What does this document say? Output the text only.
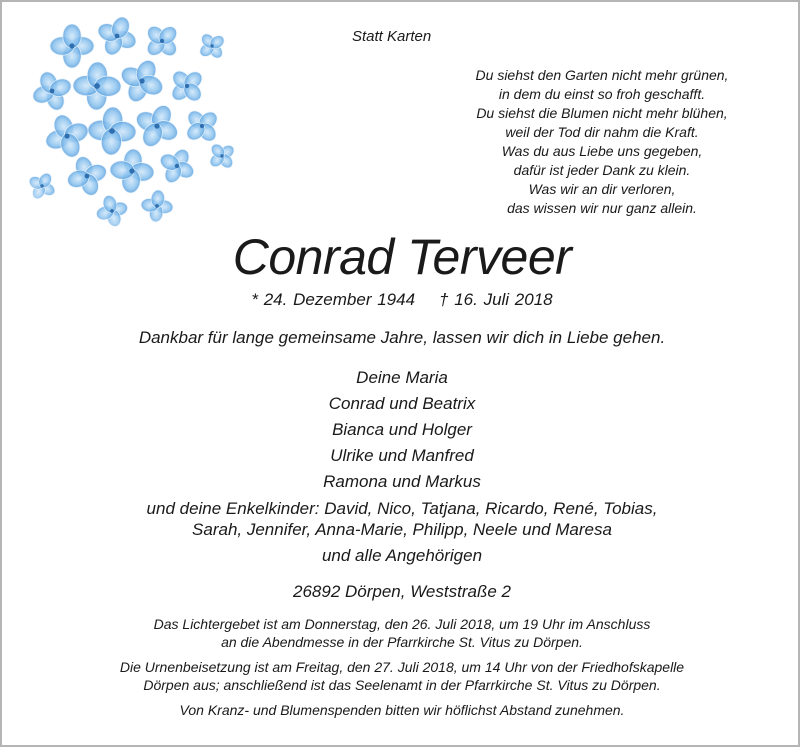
Statt Karten
Du siehst den Garten nicht mehr grünen,
in dem du einst so froh geschafft.
Du siehst die Blumen nicht mehr blühen,
weil der Tod dir nahm die Kraft.
Was du aus Liebe uns gegeben,
dafür ist jeder Dank zu klein.
Was wir an dir verloren,
das wissen wir nur ganz allein.
Conrad Terveer
* 24. Dezember 1944 † 16. Juli 2018
Dankbar für lange gemeinsame Jahre, lassen wir dich in Liebe gehen.
Deine Maria
Conrad und Beatrix
Bianca und Holger
Ulrike und Manfred
Ramona und Markus
und deine Enkelkinder: David, Nico, Tatjana, Ricardo, René, Tobias,
Sarah, Jennifer, Anna-Marie, Philipp, Neele und Maresa
und alle Angehörigen
26892 Dörpen, Weststraße 2
Das Lichtergebet ist am Donnerstag, den 26. Juli 2018, um 19 Uhr im Anschluss
an die Abendmesse in der Pfarrkirche St. Vitus zu Dörpen.
Die Urnenbeisetzung ist am Freitag, den 27. Juli 2018, um 14 Uhr von der Friedhofskapelle
Dörpen aus; anschließend ist das Seelenamt in der Pfarrkirche St. Vitus zu Dörpen.
Von Kranz- und Blumenspenden bitten wir höflichst Abstand zunehmen.
